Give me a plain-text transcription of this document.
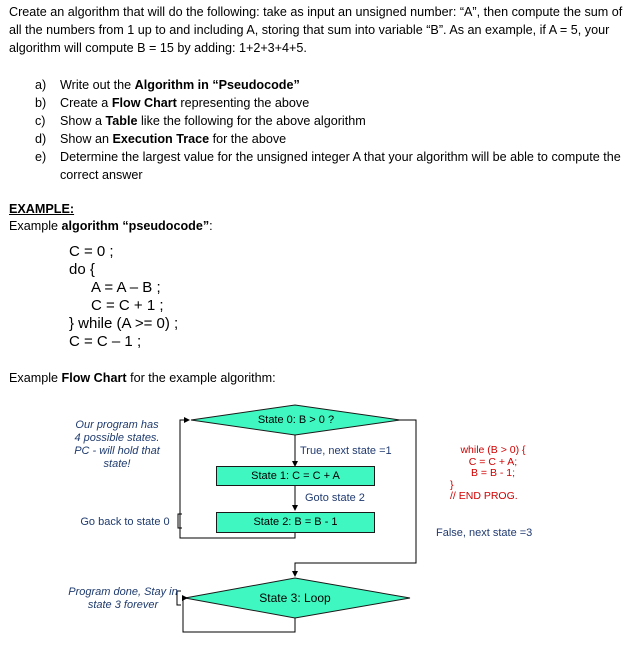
Create an algorithm that will do the following: take as input an unsigned number: “A”, then compute the sum of all the numbers from 1 up to and including A, storing that sum into variable “B”. As an example, if A = 5, your algorithm will compute B = 15 by adding: 1+2+3+4+5.
a)	Write out the Algorithm in “Pseudocode”
b)	Create a Flow Chart representing the above
c)	Show a Table like the following for the above algorithm
d)	Show an Execution Trace for the above
e)	Determine the largest value for the unsigned integer A that your algorithm will be able to compute the correct answer
EXAMPLE:
Example algorithm “pseudocode”:
C = 0 ;
do {
A = A – B ;
C = C + 1 ;
} while (A >= 0) ;
C = C – 1 ;
Example Flow Chart for the example algorithm:
State 0: B > 0 ?
State 1: C = C + A
State 2: B = B - 1
State 3: Loop
True, next state =1
Goto state 2
False, next state =3
Our program has 4 possible states. PC - will hold that state!
Go back to state 0
Program done, Stay in state 3 forever
while (B > 0) {
C = C + A;
B = B - 1;
}
// END PROG.
